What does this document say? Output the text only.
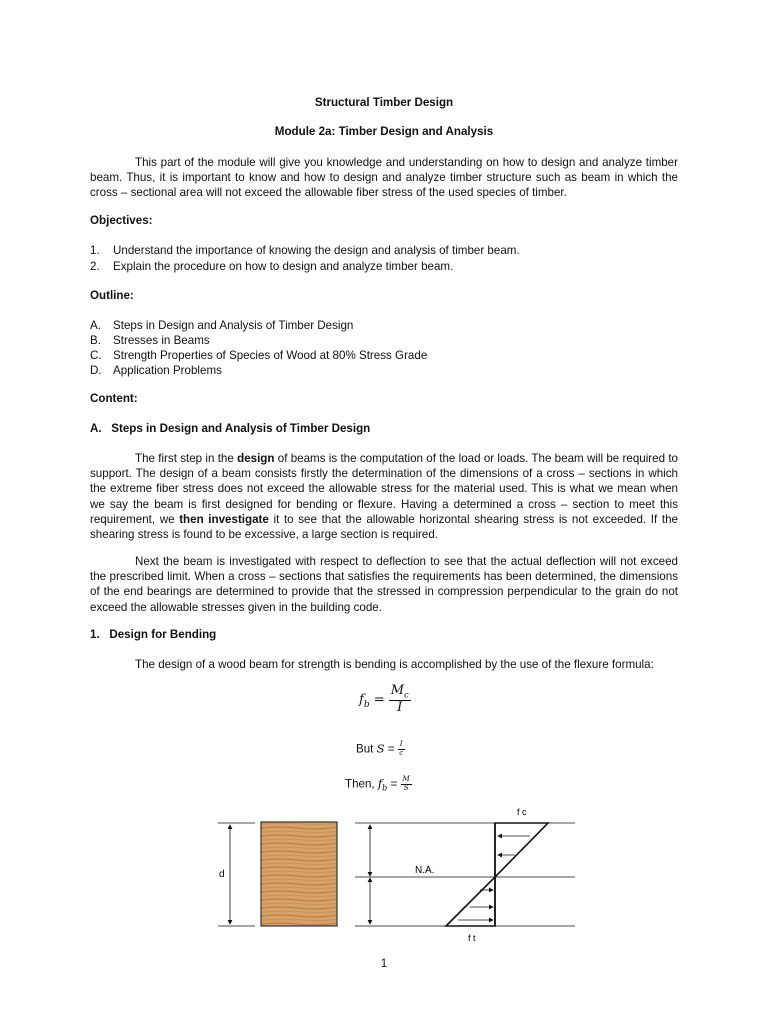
Structural Timber Design
Module 2a: Timber Design and Analysis

This part of the module will give you knowledge and understanding on how to design and analyze timber beam. Thus, it is important to know and how to design and analyze timber structure such as beam in which the cross – sectional area will not exceed the allowable fiber stress of the used species of timber.

Objectives:
1. Understand the importance of knowing the design and analysis of timber beam.
2. Explain the procedure on how to design and analyze timber beam.
Outline:
A. Steps in Design and Analysis of Timber Design
B. Stresses in Beams
C. Strength Properties of Species of Wood at 80% Stress Grade
D. Application Problems
Content:
A.   Steps in Design and Analysis of Timber Design

The first step in the design of beams is the computation of the load or loads. The beam will be required to support. The design of a beam consists firstly the determination of the dimensions of a cross – sections in which the extreme fiber stress does not exceed the allowable stress for the material used. This is what we mean when we say the beam is first designed for bending or flexure. Having a determined a cross – section to meet this requirement, we then investigate it to see that the allowable horizontal shearing stress is not exceeded. If the shearing stress is found to be excessive, a large section is required.

Next the beam is investigated with respect to deflection to see that the actual deflection will not exceed the prescribed limit. When a cross – sections that satisfies the requirements has been determined, the dimensions of the end bearings are determined to provide that the stressed in compression perpendicular to the grain do not exceed the allowable stresses given in the building code.

1.   Design for Bending

The design of a wood beam for strength is bending is accomplished by the use of the flexure formula:

$f_b = \frac{M_c}{I}$
But $S = \frac{I}{c}$
Then, $f_b = \frac{M}{S}$
d	N.A.
f c
f t
1
